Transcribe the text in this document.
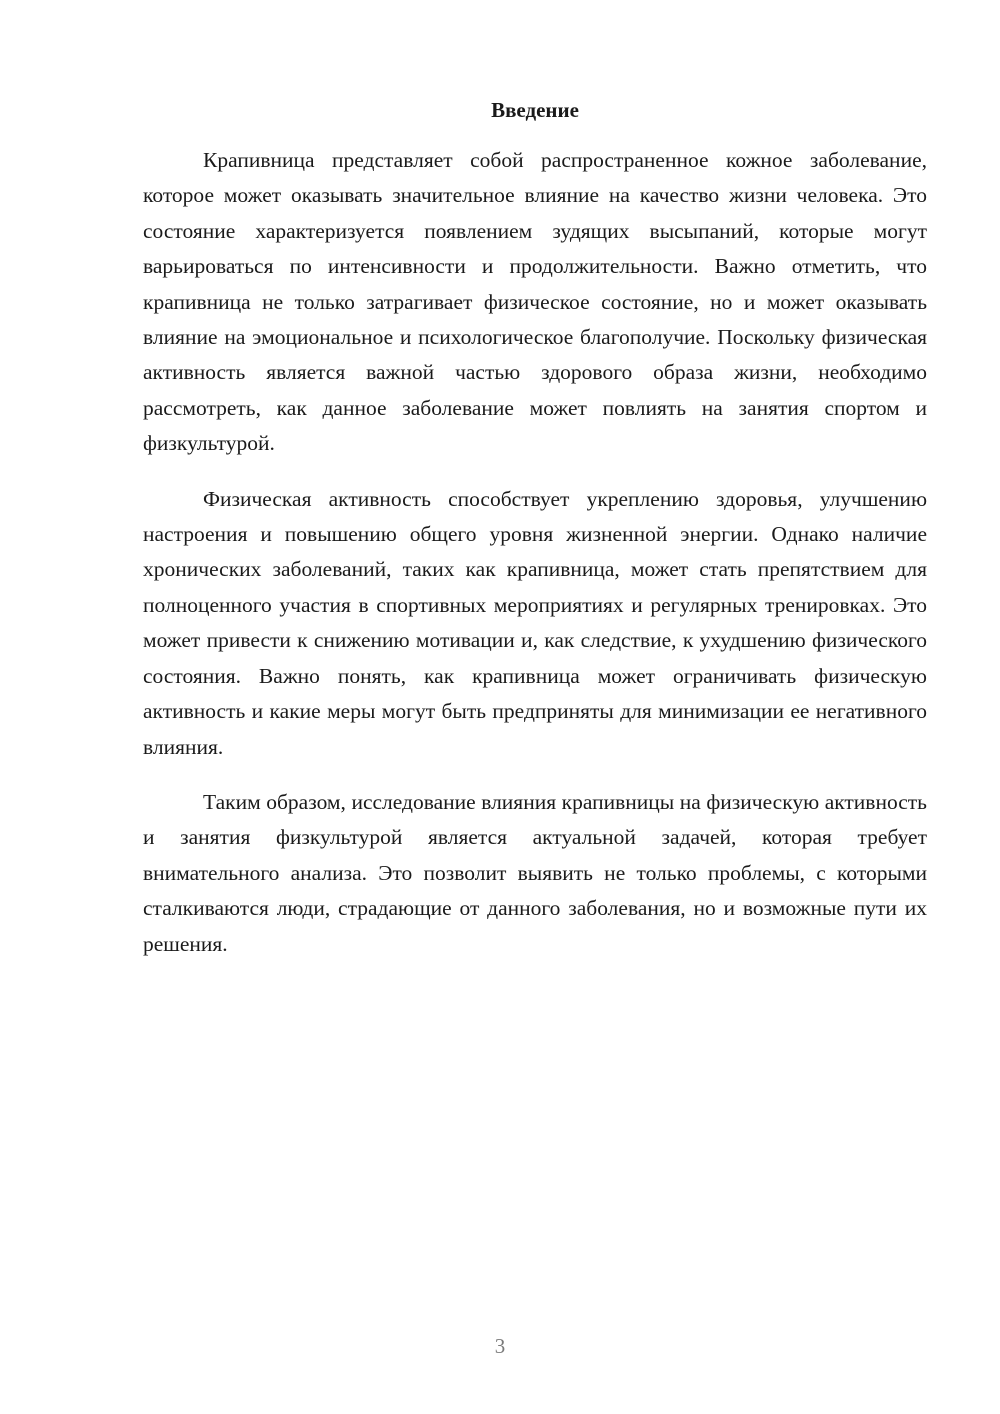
Введение

Крапивница представляет собой распространенное кожное заболевание, которое может оказывать значительное влияние на качество жизни человека. Это состояние характеризуется появлением зудящих высыпаний, которые могут варьироваться по интенсивности и продолжительности. Важно отметить, что крапивница не только затрагивает физическое состояние, но и может оказывать влияние на эмоциональное и психологическое благополучие. Поскольку физическая активность является важной частью здорового образа жизни, необходимо рассмотреть, как данное заболевание может повлиять на занятия спортом и физкультурой.

Физическая активность способствует укреплению здоровья, улучшению настроения и повышению общего уровня жизненной энергии. Однако наличие хронических заболеваний, таких как крапивница, может стать препятствием для полноценного участия в спортивных мероприятиях и регулярных тренировках. Это может привести к снижению мотивации и, как следствие, к ухудшению физического состояния. Важно понять, как крапивница может ограничивать физическую активность и какие меры могут быть предприняты для минимизации ее негативного влияния.

Таким образом, исследование влияния крапивницы на физическую активность и занятия физкультурой является актуальной задачей, которая требует внимательного анализа. Это позволит выявить не только проблемы, с которыми сталкиваются люди, страдающие от данного заболевания, но и возможные пути их решения.

3
